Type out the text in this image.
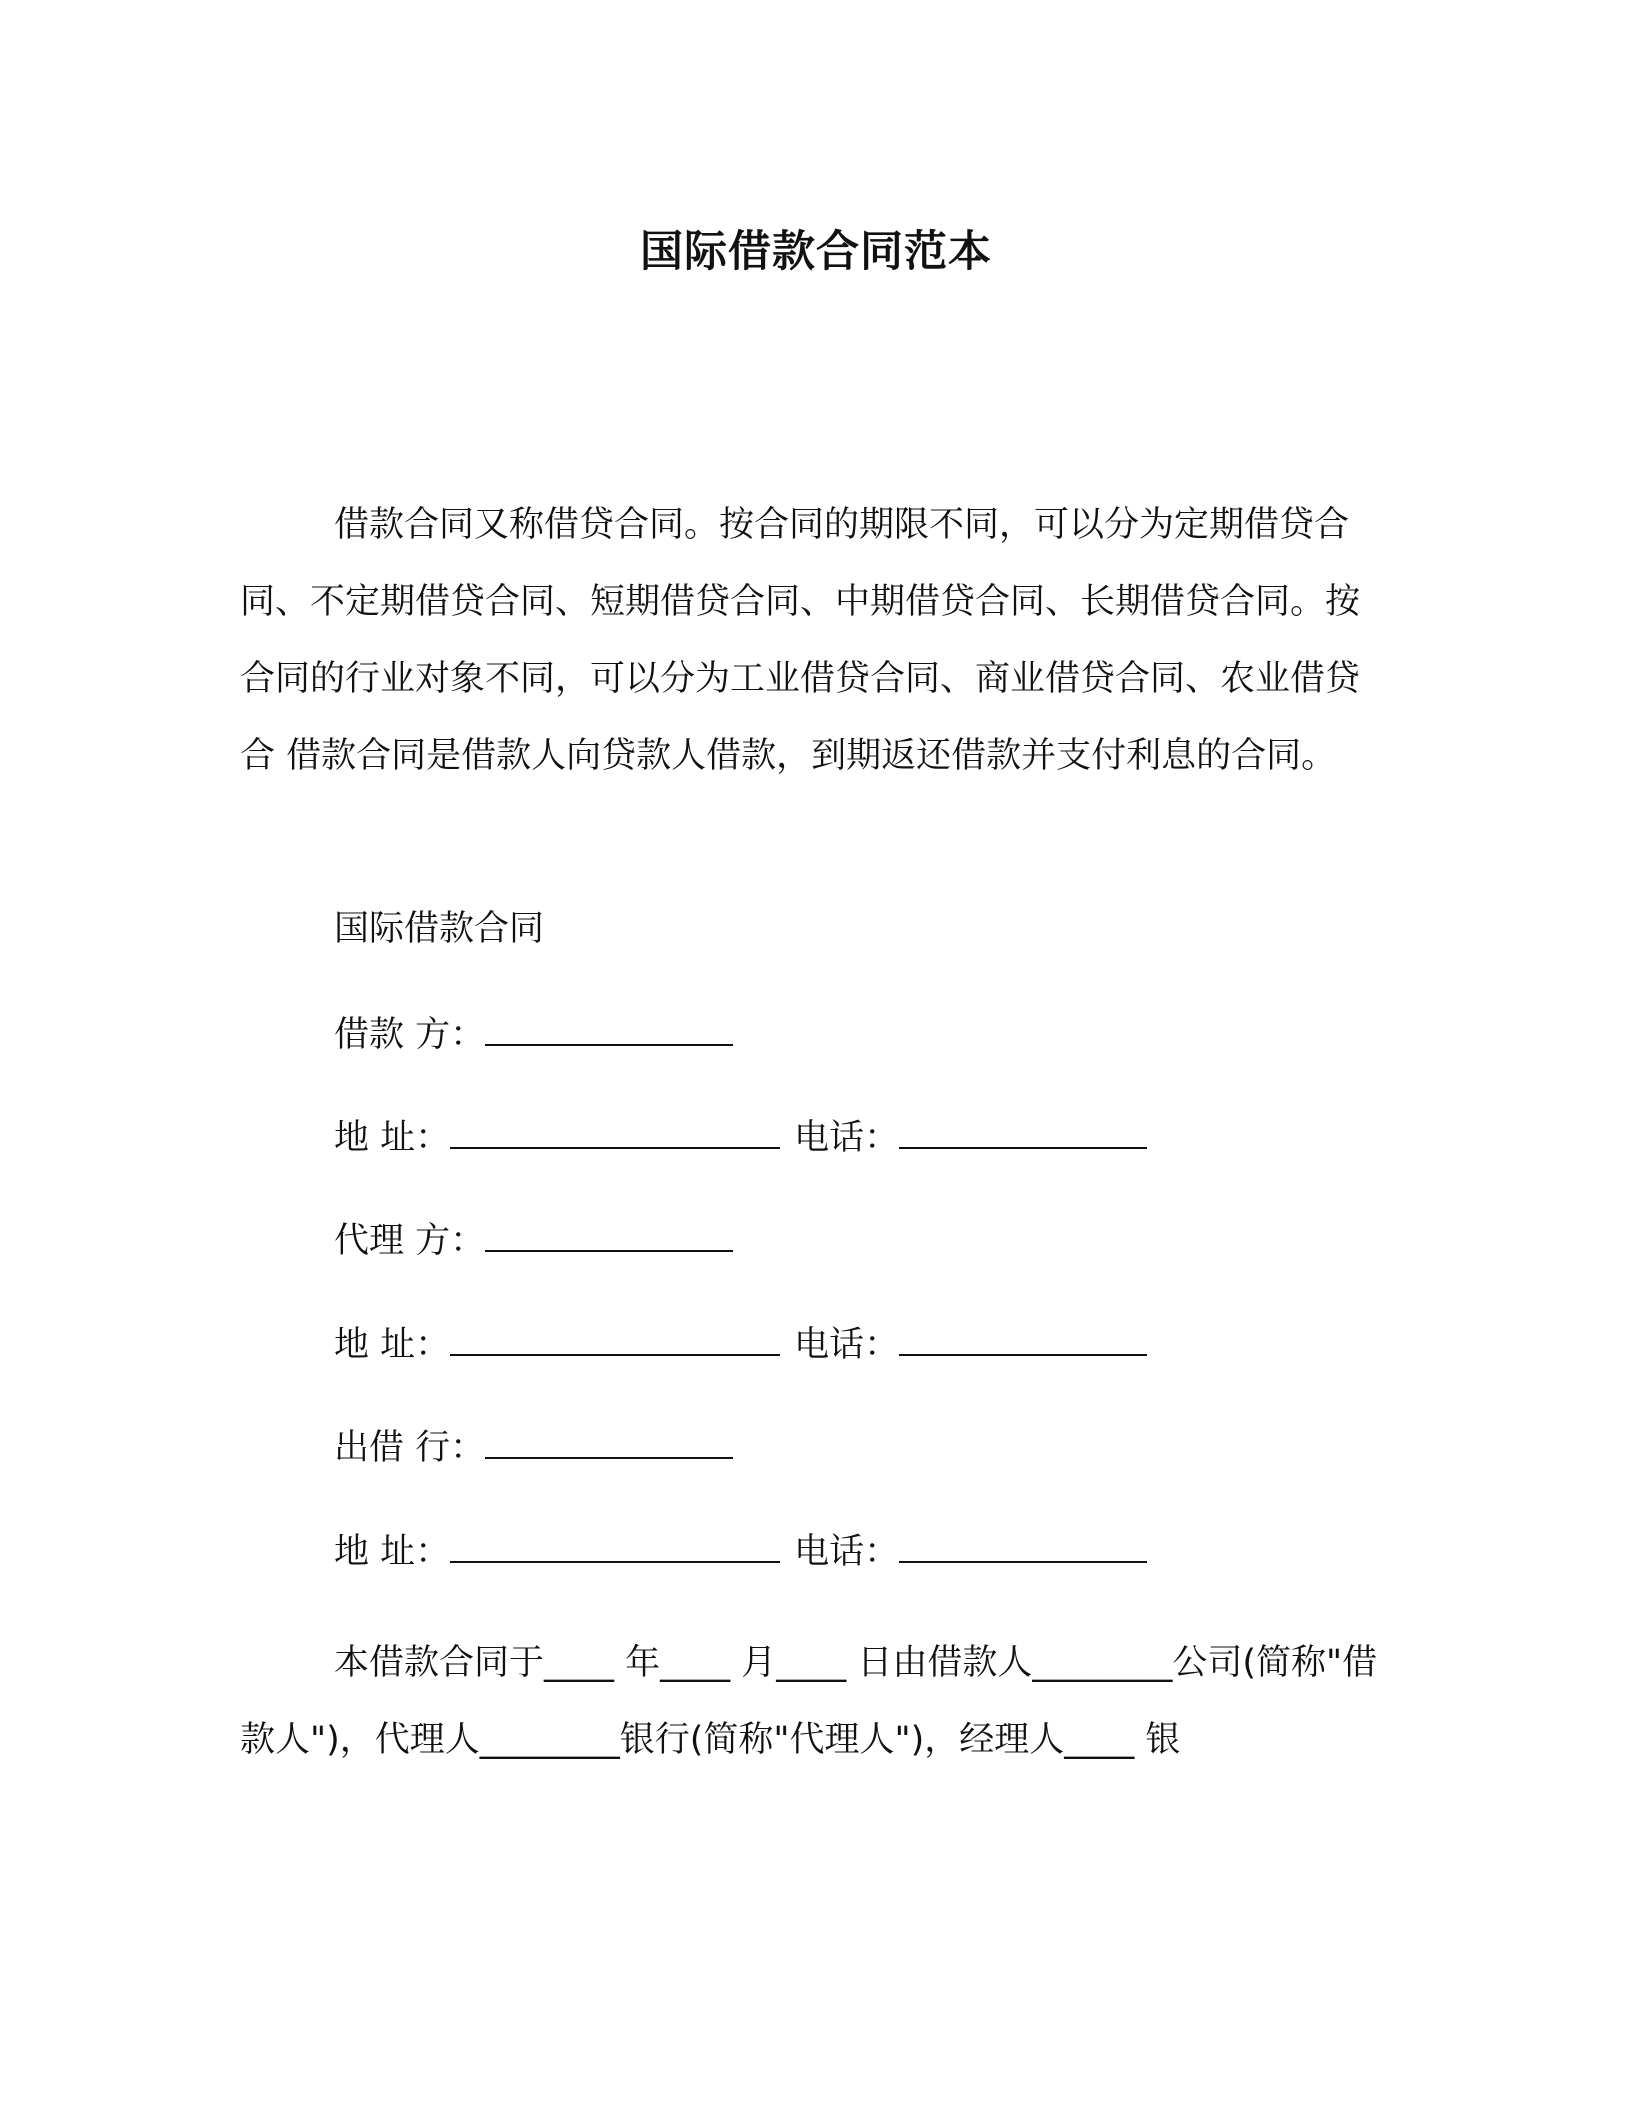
国际借款合同范本

借款合同又称借贷合同。按合同的期限不同，可以分为定期借贷合同、不定期借贷合同、短期借贷合同、中期借贷合同、长期借贷合同。按合同的行业对象不同，可以分为工业借贷合同、商业借贷合同、农业借贷合 借款合同是借款人向贷款人借款，到期返还借款并支付利息的合同。

国际借款合同

借款 方：

地 址：	电话：

代理 方：

地 址：	电话：

出借 行：

地 址：	电话：

本借款合同于____ 年____ 月____ 日由借款人________公司(简称"借款人")，代理人________银行(简称"代理人")，经理人____ 银
